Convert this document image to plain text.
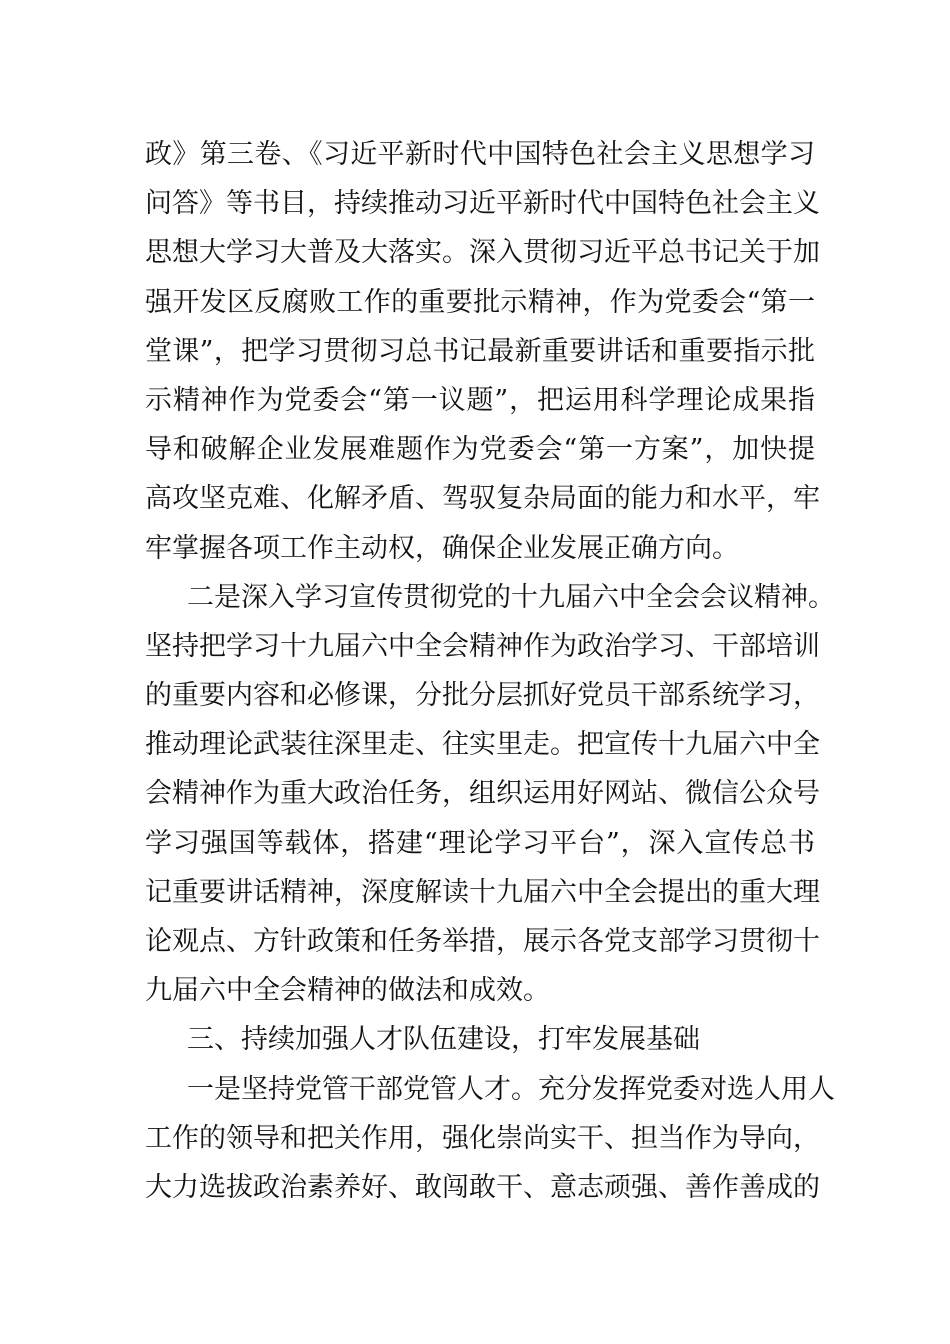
政》第三卷、《习近平新时代中国特色社会主义思想学习
问答》等书目，持续推动习近平新时代中国特色社会主义
思想大学习大普及大落实。深入贯彻习近平总书记关于加
强开发区反腐败工作的重要批示精神，作为党委会“第一
堂课”，把学习贯彻习总书记最新重要讲话和重要指示批
示精神作为党委会“第一议题”，把运用科学理论成果指
导和破解企业发展难题作为党委会“第一方案”，加快提
高攻坚克难、化解矛盾、驾驭复杂局面的能力和水平，牢
牢掌握各项工作主动权，确保企业发展正确方向。
二是深入学习宣传贯彻党的十九届六中全会会议精神。
坚持把学习十九届六中全会精神作为政治学习、干部培训
的重要内容和必修课，分批分层抓好党员干部系统学习，
推动理论武装往深里走、往实里走。把宣传十九届六中全
会精神作为重大政治任务，组织运用好网站、微信公众号
学习强国等载体，搭建“理论学习平台”，深入宣传总书
记重要讲话精神，深度解读十九届六中全会提出的重大理
论观点、方针政策和任务举措，展示各党支部学习贯彻十
九届六中全会精神的做法和成效。
三、持续加强人才队伍建设，打牢发展基础
一是坚持党管干部党管人才。充分发挥党委对选人用人
工作的领导和把关作用，强化崇尚实干、担当作为导向，
大力选拔政治素养好、敢闯敢干、意志顽强、善作善成的
